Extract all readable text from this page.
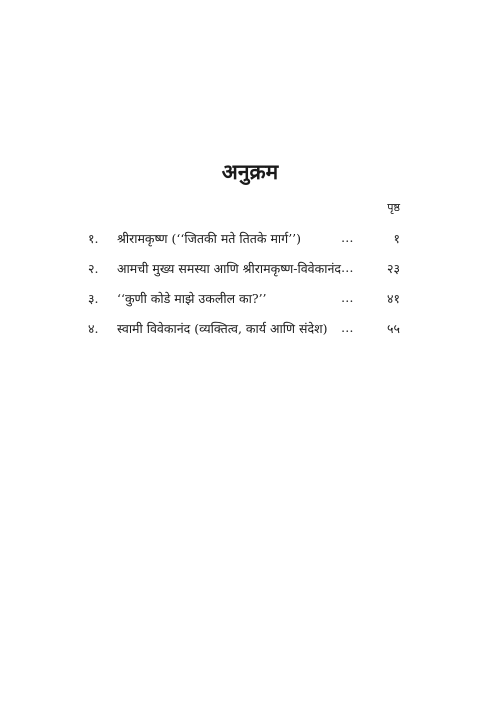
अनुक्रम
पृष्ठ
१. श्रीरामकृष्ण (‘‘जितकी मते तितके मार्ग’’)	…	१
२. आमची मुख्य समस्या आणि श्रीरामकृष्ण-विवेकानंद …	२३
३. ‘‘कुणी कोडे माझे उकलील का?’’	…	४१
४. स्वामी विवेकानंद (व्यक्तित्व, कार्य आणि संदेश) …	५५
